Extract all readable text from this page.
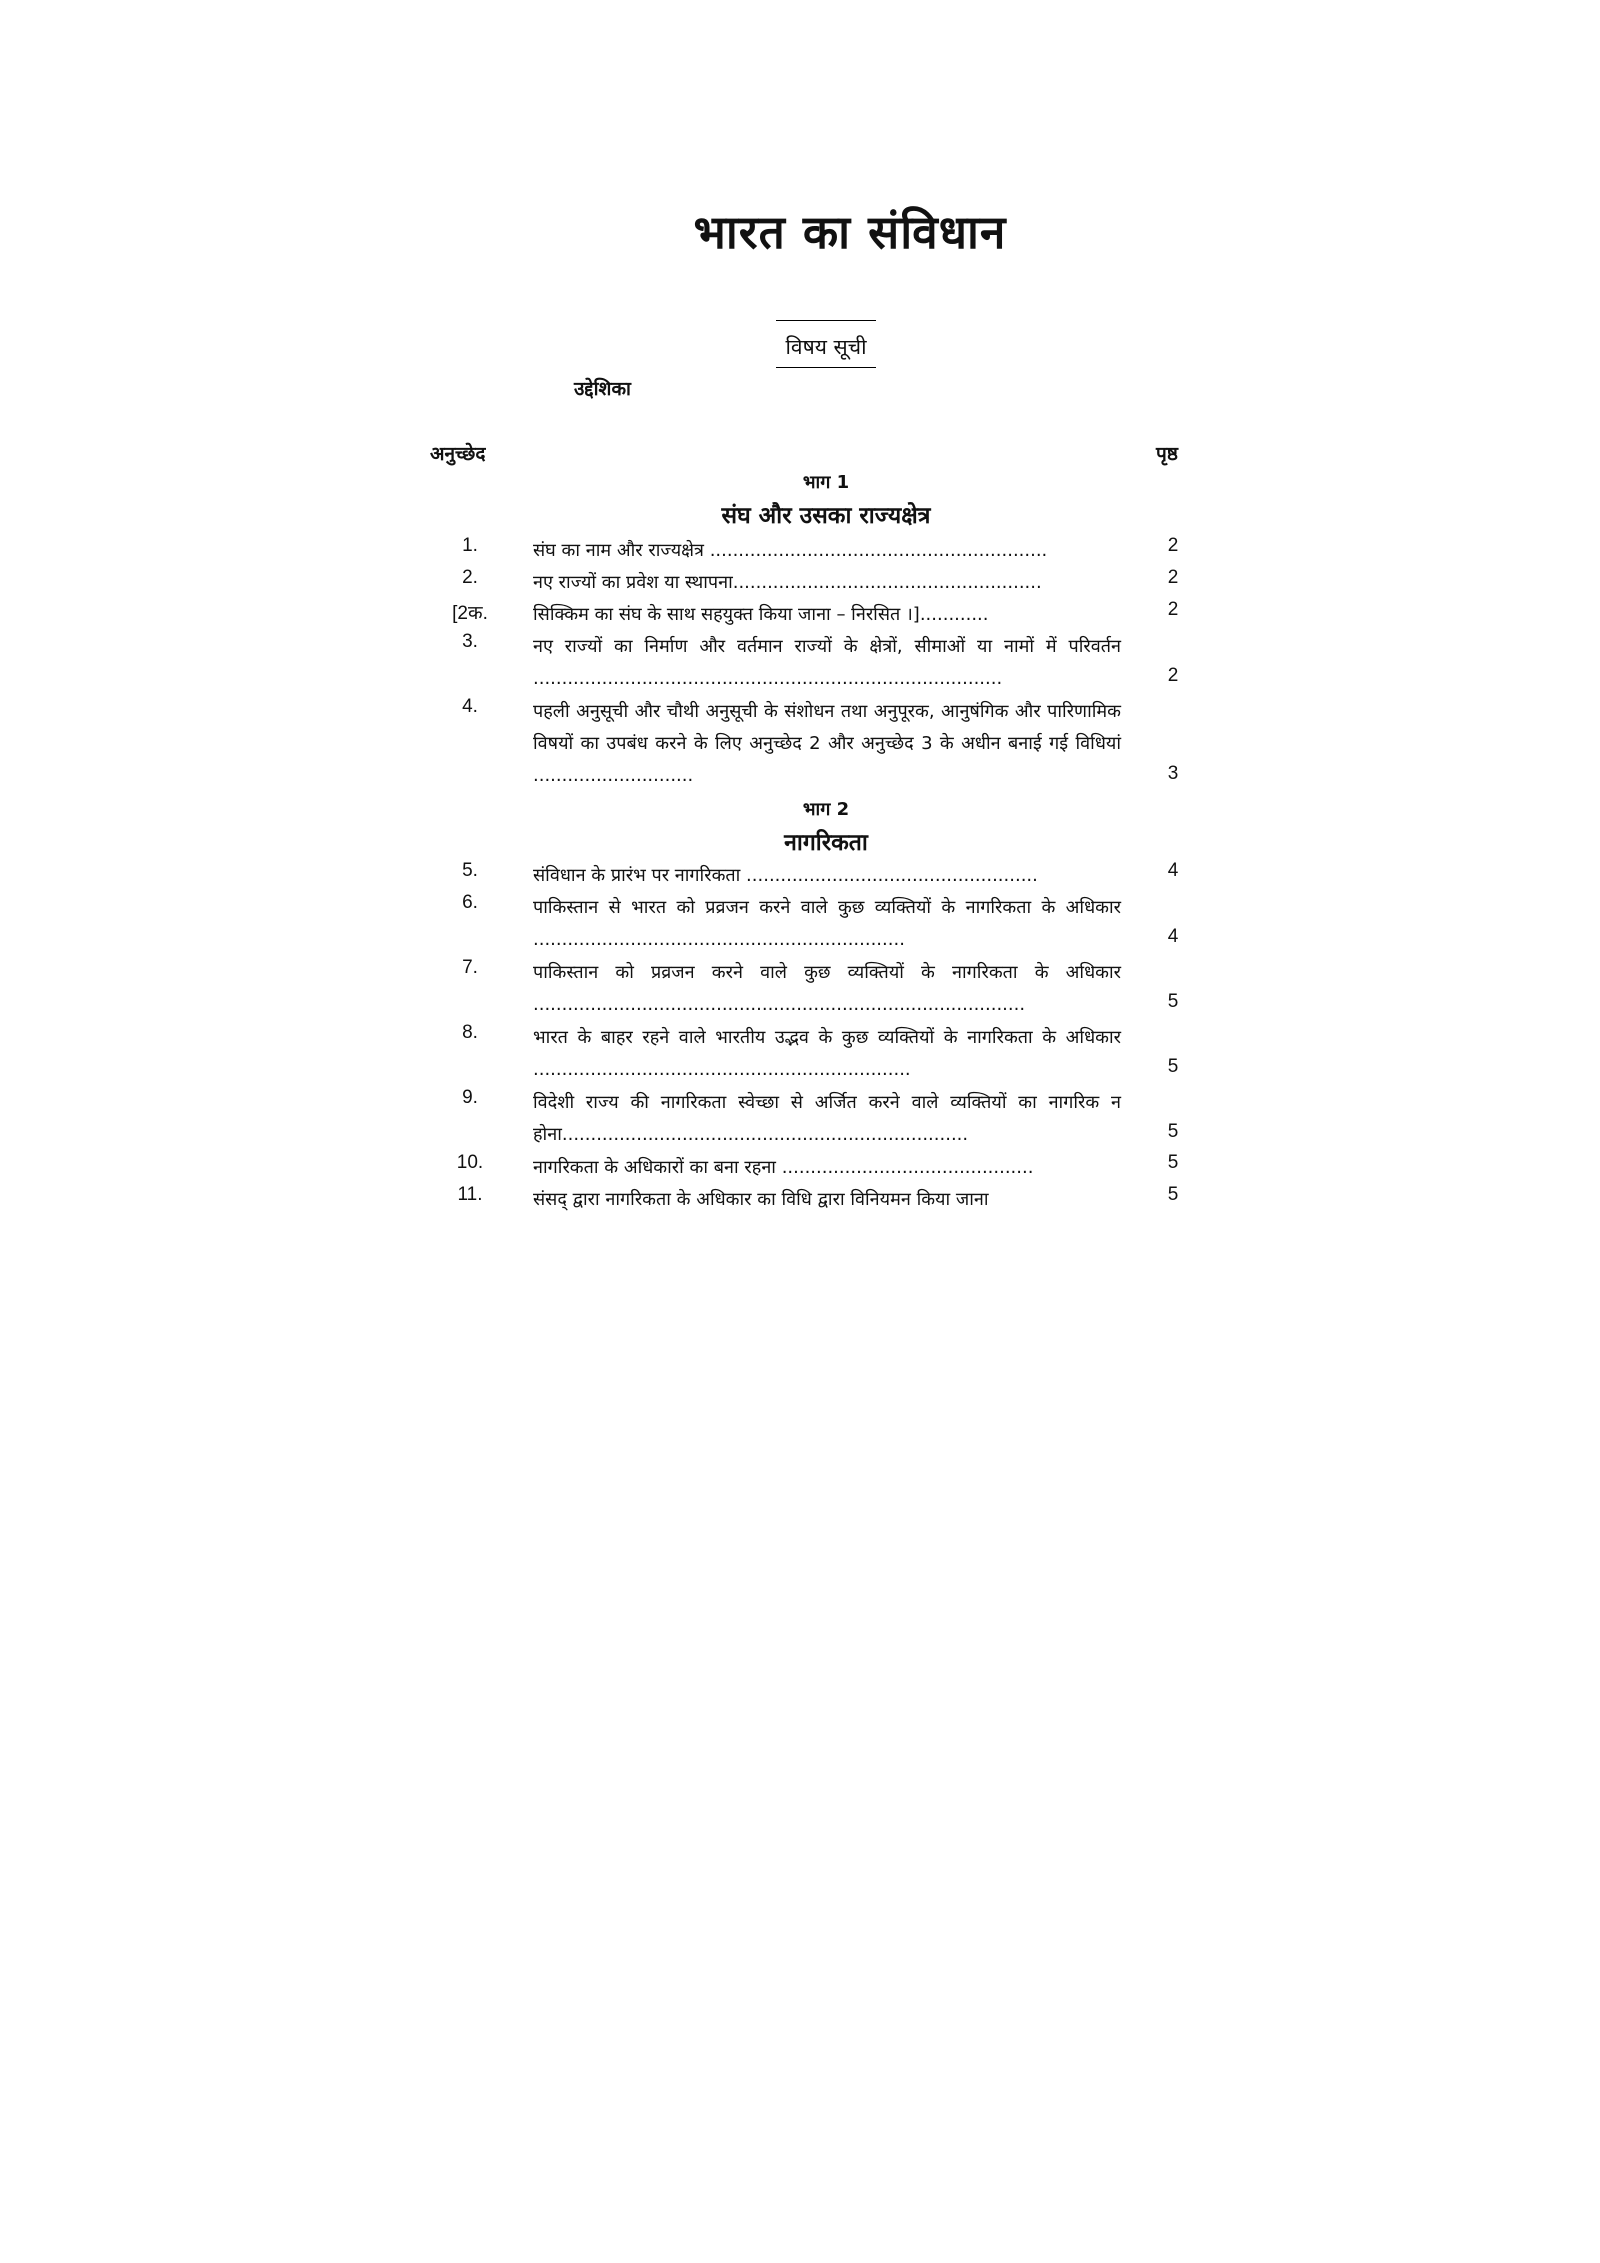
भारत का संविधान
विषय सूची
उद्देशिका
अनुच्छेद	पृष्ठ
भाग 1
संघ और उसका राज्यक्षेत्र
1.	संघ का नाम और राज्यक्षेत्र ...........................................................	2
2.	नए राज्यों का प्रवेश या स्थापना......................................................	2
[2क.	सिक्किम का संघ के साथ सहयुक्त किया जाना – निरसित ।]............	2
3.	नए राज्यों का निर्माण और वर्तमान राज्यों के क्षेत्रों, सीमाओं या नामों में परिवर्तन ..................................................................................	2
4.	पहली अनुसूची और चौथी अनुसूची के संशोधन तथा अनुपूरक, आनुषंगिक और पारिणामिक विषयों का उपबंध करने के लिए अनुच्छेद 2 और अनुच्छेद 3 के अधीन बनाई गई विधियां ............................	3
भाग 2
नागरिकता
5.	संविधान के प्रारंभ पर नागरिकता ...................................................	4
6.	पाकिस्तान से भारत को प्रव्रजन करने वाले कुछ व्यक्तियों के नागरिकता के अधिकार .................................................................	4
7.	पाकिस्तान को प्रव्रजन करने वाले कुछ व्यक्तियों के नागरिकता के अधिकार ......................................................................................	5
8.	भारत के बाहर रहने वाले भारतीय उद्भव के कुछ व्यक्तियों के नागरिकता के अधिकार ..................................................................	5
9.	विदेशी राज्य की नागरिकता स्वेच्छा से अर्जित करने वाले व्यक्तियों का नागरिक न होना.......................................................................	5
10.	नागरिकता के अधिकारों का बना रहना ............................................	5
11.	संसद् द्वारा नागरिकता के अधिकार का विधि द्वारा विनियमन किया जाना	5
